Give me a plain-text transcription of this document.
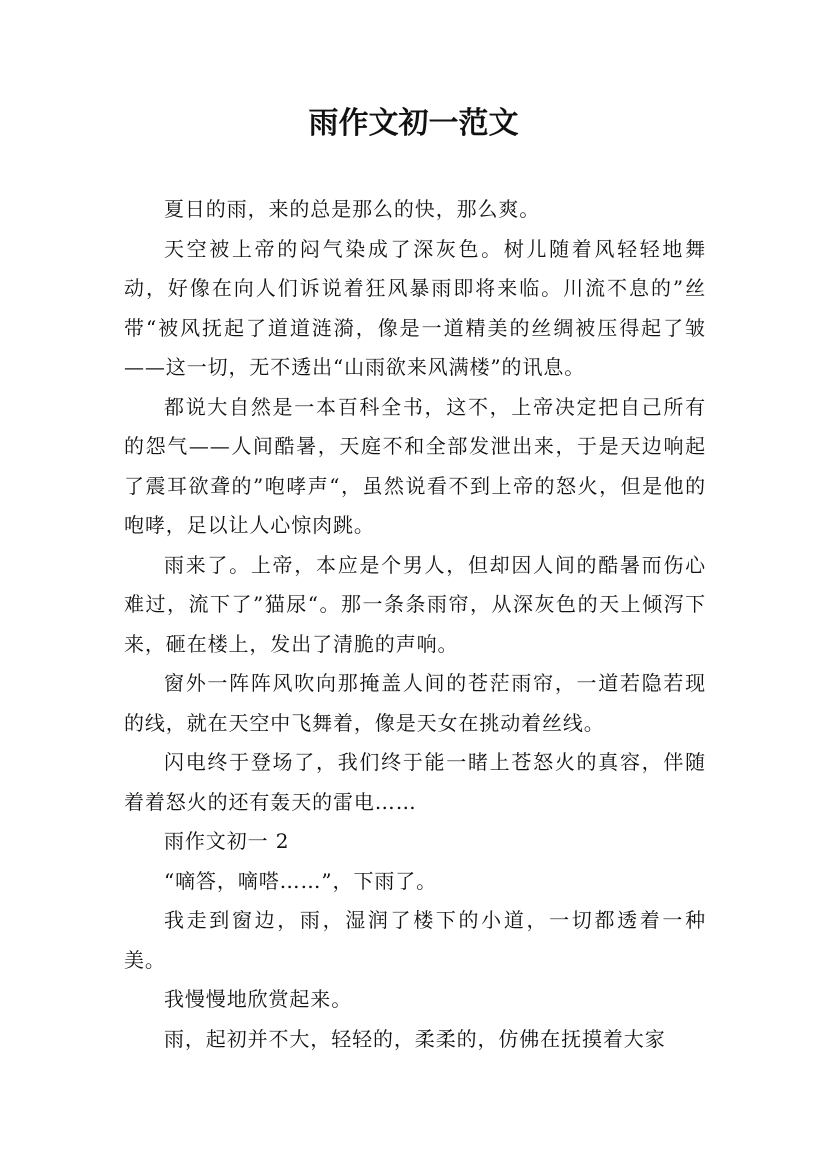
雨作文初一范文

夏日的雨，来的总是那么的快，那么爽。

天空被上帝的闷气染成了深灰色。树儿随着风轻轻地舞动，好像在向人们诉说着狂风暴雨即将来临。川流不息的”丝带“被风抚起了道道涟漪，像是一道精美的丝绸被压得起了皱——这一切，无不透出“山雨欲来风满楼”的讯息。

都说大自然是一本百科全书，这不，上帝决定把自己所有的怨气——人间酷暑，天庭不和全部发泄出来，于是天边响起了震耳欲聋的”咆哮声“，虽然说看不到上帝的怒火，但是他的咆哮，足以让人心惊肉跳。

雨来了。上帝，本应是个男人，但却因人间的酷暑而伤心难过，流下了”猫尿“。那一条条雨帘，从深灰色的天上倾泻下来，砸在楼上，发出了清脆的声响。

窗外一阵阵风吹向那掩盖人间的苍茫雨帘，一道若隐若现的线，就在天空中飞舞着，像是天女在挑动着丝线。

闪电终于登场了，我们终于能一睹上苍怒火的真容，伴随着着怒火的还有轰天的雷电……

雨作文初一 2

“嘀答，嘀嗒……”，下雨了。

我走到窗边，雨，湿润了楼下的小道，一切都透着一种美。

我慢慢地欣赏起来。

雨，起初并不大，轻轻的，柔柔的，仿佛在抚摸着大家
